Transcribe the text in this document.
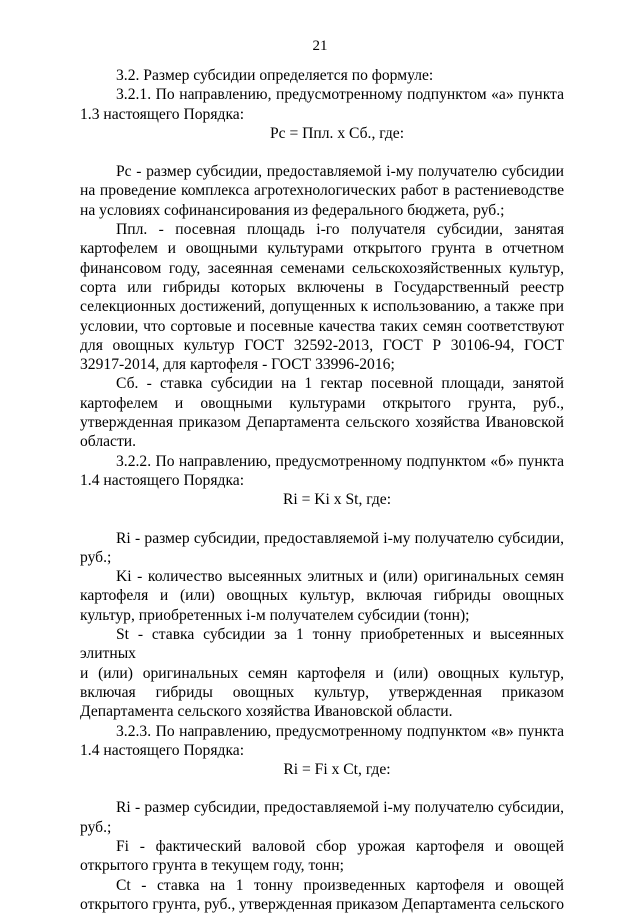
21

3.2. Размер субсидии определяется по формуле:

3.2.1. По направлению, предусмотренному подпунктом «а» пункта 1.3 настоящего Порядка:

Рс = Ппл. х Сб., где:

Рс - размер субсидии, предоставляемой i-му получателю субсидии на проведение комплекса агротехнологических работ в растениеводстве на условиях софинансирования из федерального бюджета, руб.;

Ппл. - посевная площадь i-го получателя субсидии, занятая картофелем и овощными культурами открытого грунта в отчетном финансовом году, засеянная семенами сельскохозяйственных культур, сорта или гибриды которых включены в Государственный реестр селекционных достижений, допущенных к использованию, а также при условии, что сортовые и посевные качества таких семян соответствуют для овощных культур ГОСТ 32592-2013, ГОСТ Р 30106-94, ГОСТ 32917-2014, для картофеля - ГОСТ 33996-2016;

Сб. - ставка субсидии на 1 гектар посевной площади, занятой картофелем и овощными культурами открытого грунта, руб., утвержденная приказом Департамента сельского хозяйства Ивановской области.

3.2.2. По направлению, предусмотренному подпунктом «б» пункта 1.4 настоящего Порядка:

Ri = Ki x St, где:

Ri - размер субсидии, предоставляемой i-му получателю субсидии, руб.;

Ki - количество высеянных элитных и (или) оригинальных семян картофеля и (или) овощных культур, включая гибриды овощных культур, приобретенных i-м получателем субсидии (тонн);

St - ставка субсидии за 1 тонну приобретенных и высеянных элитных

и (или) оригинальных семян картофеля и (или) овощных культур, включая гибриды овощных культур, утвержденная приказом Департамента сельского хозяйства Ивановской области.

3.2.3. По направлению, предусмотренному подпунктом «в» пункта 1.4 настоящего Порядка:

Ri = Fi x Ct, где:

Ri - размер субсидии, предоставляемой i-му получателю субсидии, руб.;

Fi - фактический валовой сбор урожая картофеля и овощей открытого грунта в текущем году, тонн;

Ct - ставка на 1 тонну произведенных картофеля и овощей открытого грунта, руб., утвержденная приказом Департамента сельского
